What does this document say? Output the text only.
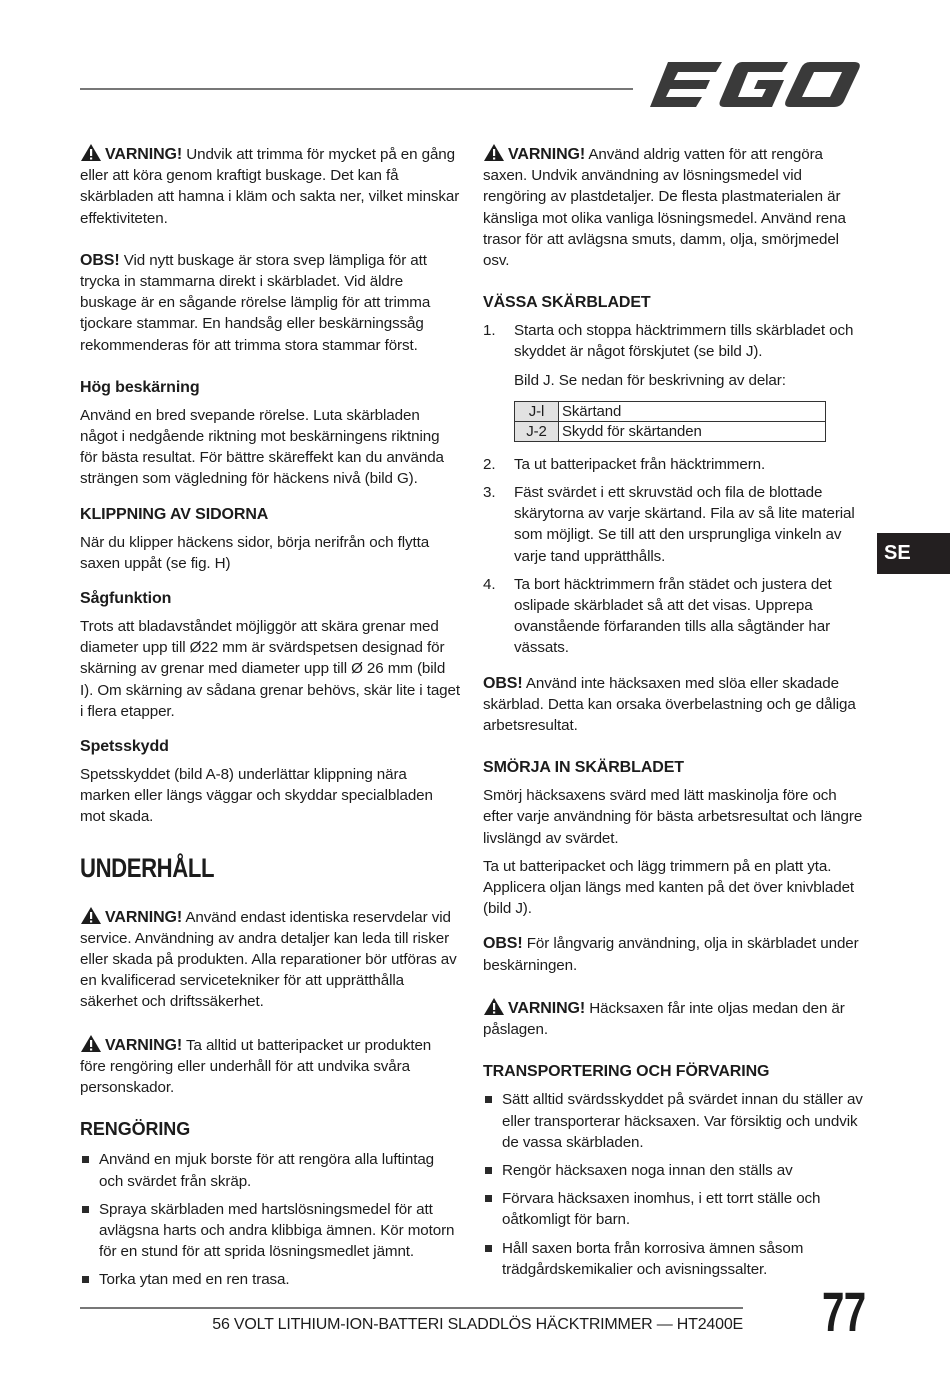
VARNING! Undvik att trimma för mycket på en gång eller att köra genom kraftigt buskage. Det kan få skärbladen att hamna i kläm och sakta ner, vilket minskar effektiviteten.

OBS! Vid nytt buskage är stora svep lämpliga för att trycka in stammarna direkt i skärbladet. Vid äldre buskage är en sågande rörelse lämplig för att trimma tjockare stammar. En handsåg eller beskärningssåg rekommenderas för att trimma stora stammar först.

Hög beskärning

Använd en bred svepande rörelse. Luta skärbladen något i nedgående riktning mot beskärningens riktning för bästa resultat. För bättre skäreffekt kan du använda strängen som vägledning för häckens nivå (bild G).

KLIPPNING AV SIDORNA

När du klipper häckens sidor, börja nerifrån och flytta saxen uppåt (se fig. H)

Sågfunktion

Trots att bladavståndet möjliggör att skära grenar med diameter upp till Ø22 mm är svärdspetsen designad för skärning av grenar med diameter upp till Ø 26 mm (bild I). Om skärning av sådana grenar behövs, skär lite i taget i flera etapper.

Spetsskydd

Spetsskyddet (bild A-8) underlättar klippning nära marken eller längs väggar och skyddar specialbladen mot skada.

UNDERHÅLL

VARNING! Använd endast identiska reservdelar vid service. Användning av andra detaljer kan leda till risker eller skada på produkten. Alla reparationer bör utföras av en kvalificerad servicetekniker för att upprätthålla säkerhet och driftssäkerhet.

VARNING! Ta alltid ut batteripacket ur produkten före rengöring eller underhåll för att undvika svåra personskador.

RENGÖRING
Använd en mjuk borste för att rengöra alla luftintag och svärdet från skräp.
Spraya skärbladen med hartslösningsmedel för att avlägsna harts och andra klibbiga ämnen. Kör motorn för en stund för att sprida lösningsmedlet jämnt.
Torka ytan med en ren trasa.

VARNING! Använd aldrig vatten för att rengöra saxen. Undvik användning av lösningsmedel vid rengöring av plastdetaljer. De flesta plastmaterialen är känsliga mot olika vanliga lösningsmedel. Använd rena trasor för att avlägsna smuts, damm, olja, smörjmedel osv.

VÄSSA SKÄRBLADET
1. Starta och stoppa häcktrimmern tills skärbladet och skyddet är något förskjutet (se bild J).
Bild J. Se nedan för beskrivning av delar:
J-l	Skärtand
J-2	Skydd för skärtanden
2. Ta ut batteripacket från häcktrimmern.
3. Fäst svärdet i ett skruvstäd och fila de blottade skärytorna av varje skärtand. Fila av så lite material som möjligt. Se till att den ursprungliga vinkeln av varje tand upprätthålls.
4. Ta bort häcktrimmern från städet och justera det oslipade skärbladet så att det visas. Upprepa ovanstående förfaranden tills alla sågtänder har vässats.

OBS! Använd inte häcksaxen med slöa eller skadade skärblad. Detta kan orsaka överbelastning och ge dåliga arbetsresultat.

SMÖRJA IN SKÄRBLADET

Smörj häcksaxens svärd med lätt maskinolja före och efter varje användning för bästa arbetsresultat och längre livslängd av svärdet.

Ta ut batteripacket och lägg trimmern på en platt yta. Applicera oljan längs med kanten på det över knivbladet (bild J).

OBS! För långvarig användning, olja in skärbladet under beskärningen.

VARNING! Häcksaxen får inte oljas medan den är påslagen.

TRANSPORTERING OCH FÖRVARING
Sätt alltid svärdsskyddet på svärdet innan du ställer av eller transporterar häcksaxen. Var försiktig och undvik de vassa skärbladen.
Rengör häcksaxen noga innan den ställs av
Förvara häcksaxen inomhus, i ett torrt ställe och oåtkomligt för barn.
Håll saxen borta från korrosiva ämnen såsom trädgårdskemikalier och avisningssalter.
SE
56 VOLT LITHIUM-ION-BATTERI SLADDLÖS HÄCKTRIMMER — HT2400E 77
